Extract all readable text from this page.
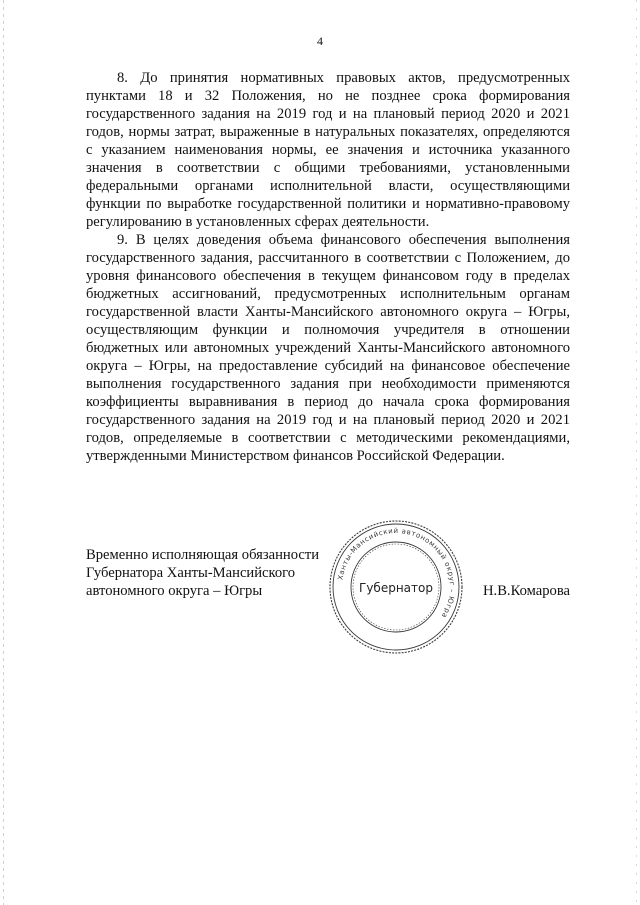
4

8. До принятия нормативных правовых актов, предусмотренных пунктами 18 и 32 Положения, но не позднее срока формирования государственного задания на 2019 год и на плановый период 2020 и 2021 годов, нормы затрат, выраженные в натуральных показателях, определяются с указанием наименования нормы, ее значения и источника указанного значения в соответствии с общими требованиями, установленными федеральными органами исполнительной власти, осуществляющими функции по выработке государственной политики и нормативно-правовому регулированию в установленных сферах деятельности.

9. В целях доведения объема финансового обеспечения выполнения государственного задания, рассчитанного в соответствии с Положением, до уровня финансового обеспечения в текущем финансовом году в пределах бюджетных ассигнований, предусмотренных исполнительным органам государственной власти Ханты-Мансийского автономного округа – Югры, осуществляющим функции и полномочия учредителя в отношении бюджетных или автономных учреждений Ханты-Мансийского автономного округа – Югры, на предоставление субсидий на финансовое обеспечение выполнения государственного задания при необходимости применяются коэффициенты выравнивания в период до начала срока формирования государственного задания на 2019 год и на плановый период 2020 и 2021 годов, определяемые в соответствии с методическими рекомендациями, утвержденными Министерством финансов Российской Федерации.

Временно исполняющая обязанности
Губернатора Ханты-Мансийского
автономного округа – Югры
Ханты-Мансийский автономный округ – Югра
Губернатор	Н.В.Комарова
